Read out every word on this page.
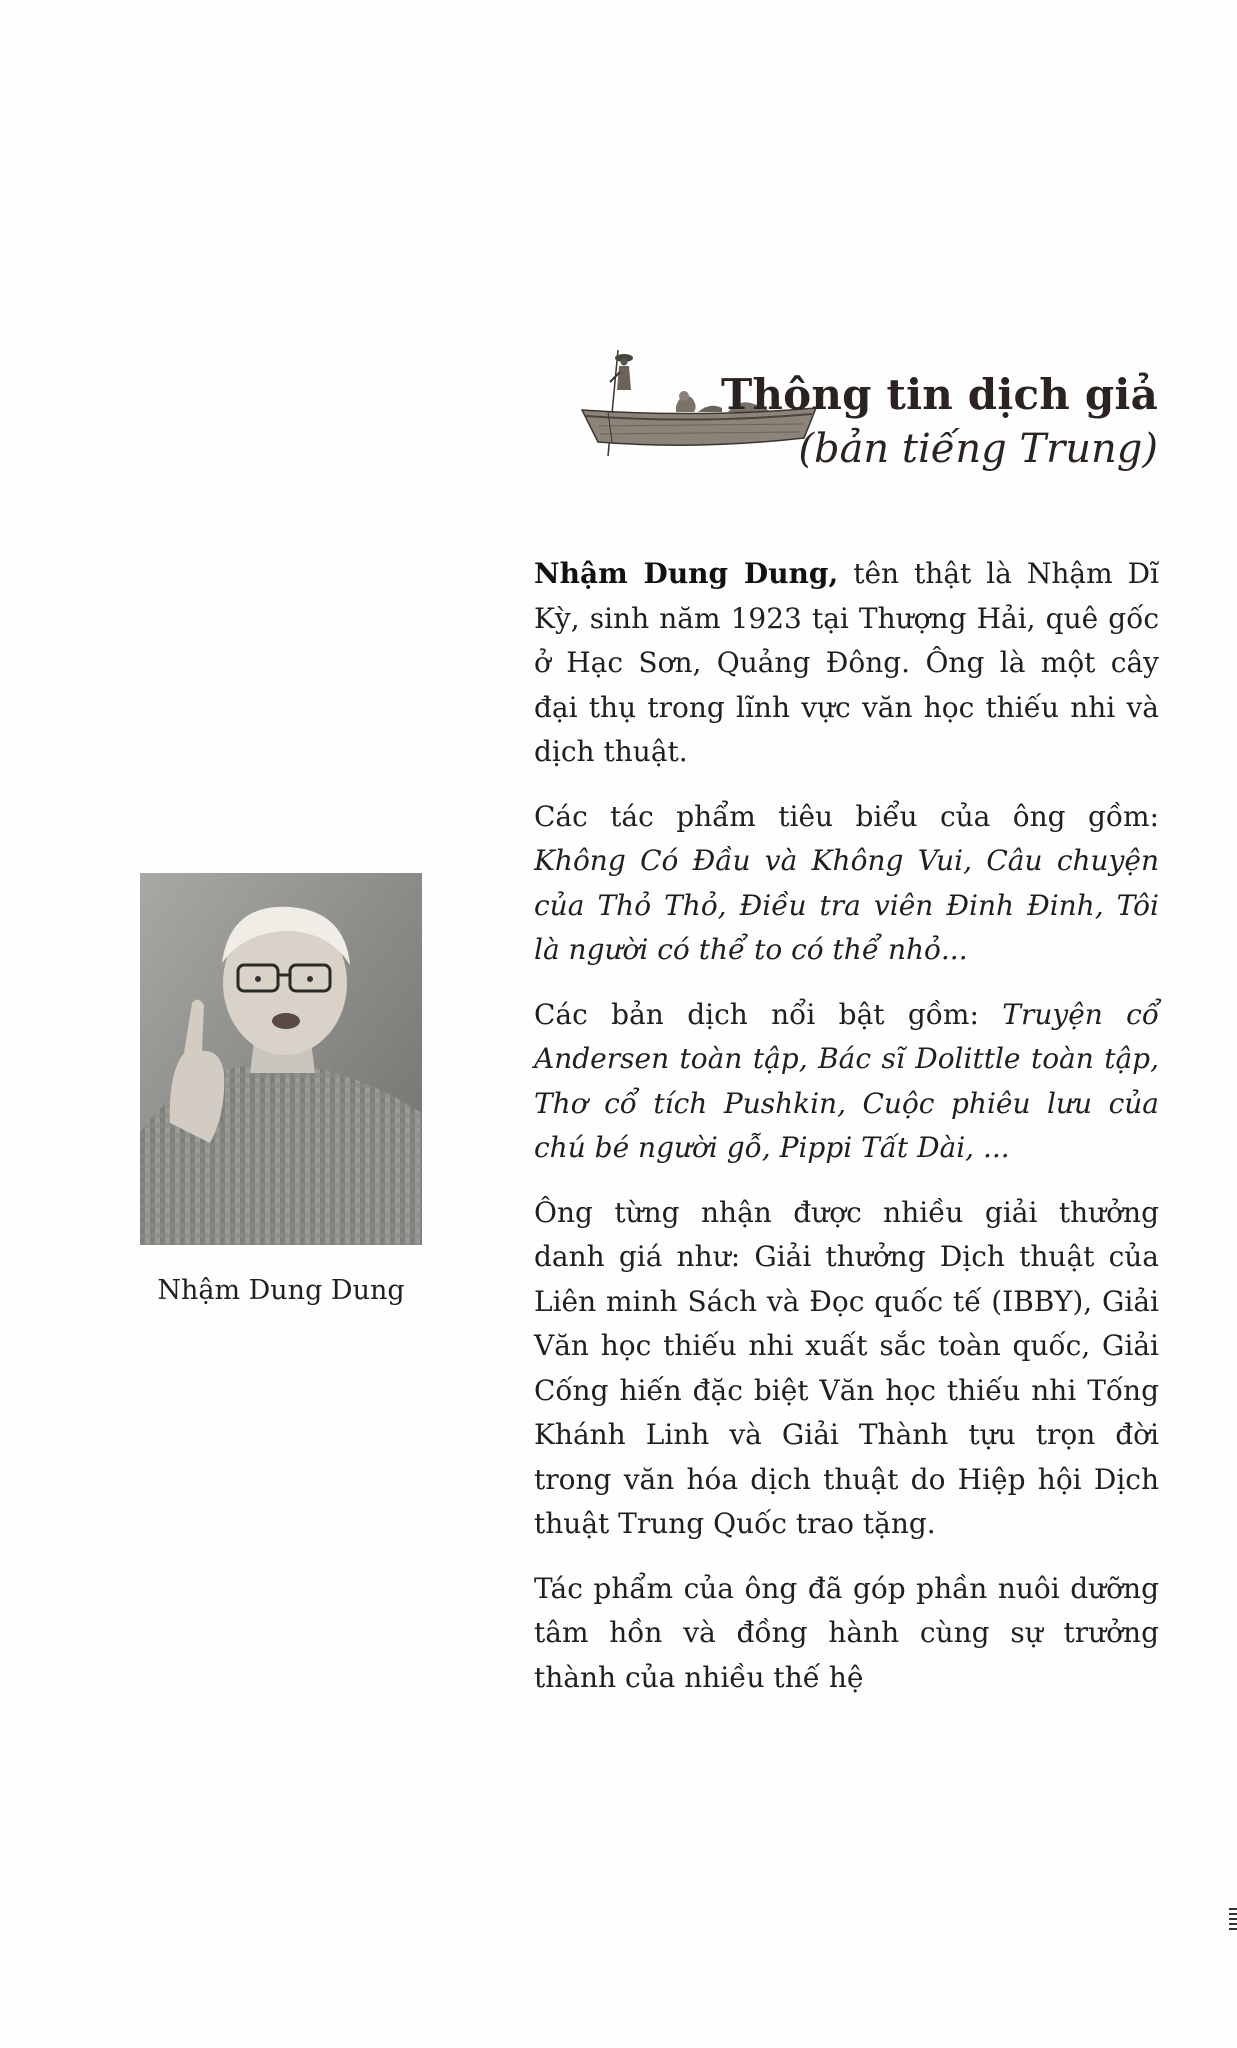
Thông tin dịch giả
(bản tiếng Trung)
Nhậm Dung Dung

Nhậm Dung Dung, tên thật là Nhậm Dĩ Kỳ, sinh năm 1923 tại Thượng Hải, quê gốc ở Hạc Sơn, Quảng Đông. Ông là một cây đại thụ trong lĩnh vực văn học thiếu nhi và dịch thuật.

Các tác phẩm tiêu biểu của ông gồm: Không Có Đầu và Không Vui, Câu chuyện của Thỏ Thỏ, Điều tra viên Đinh Đinh, Tôi là người có thể to có thể nhỏ...

Các bản dịch nổi bật gồm: Truyện cổ Andersen toàn tập, Bác sĩ Dolittle toàn tập, Thơ cổ tích Pushkin, Cuộc phiêu lưu của chú bé người gỗ, Pippi Tất Dài, ...

Ông từng nhận được nhiều giải thưởng danh giá như: Giải thưởng Dịch thuật của Liên minh Sách và Đọc quốc tế (IBBY), Giải Văn học thiếu nhi xuất sắc toàn quốc, Giải Cống hiến đặc biệt Văn học thiếu nhi Tống Khánh Linh và Giải Thành tựu trọn đời trong văn hóa dịch thuật do Hiệp hội Dịch thuật Trung Quốc trao tặng.

Tác phẩm của ông đã góp phần nuôi dưỡng tâm hồn và đồng hành cùng sự trưởng thành của nhiều thế hệ
